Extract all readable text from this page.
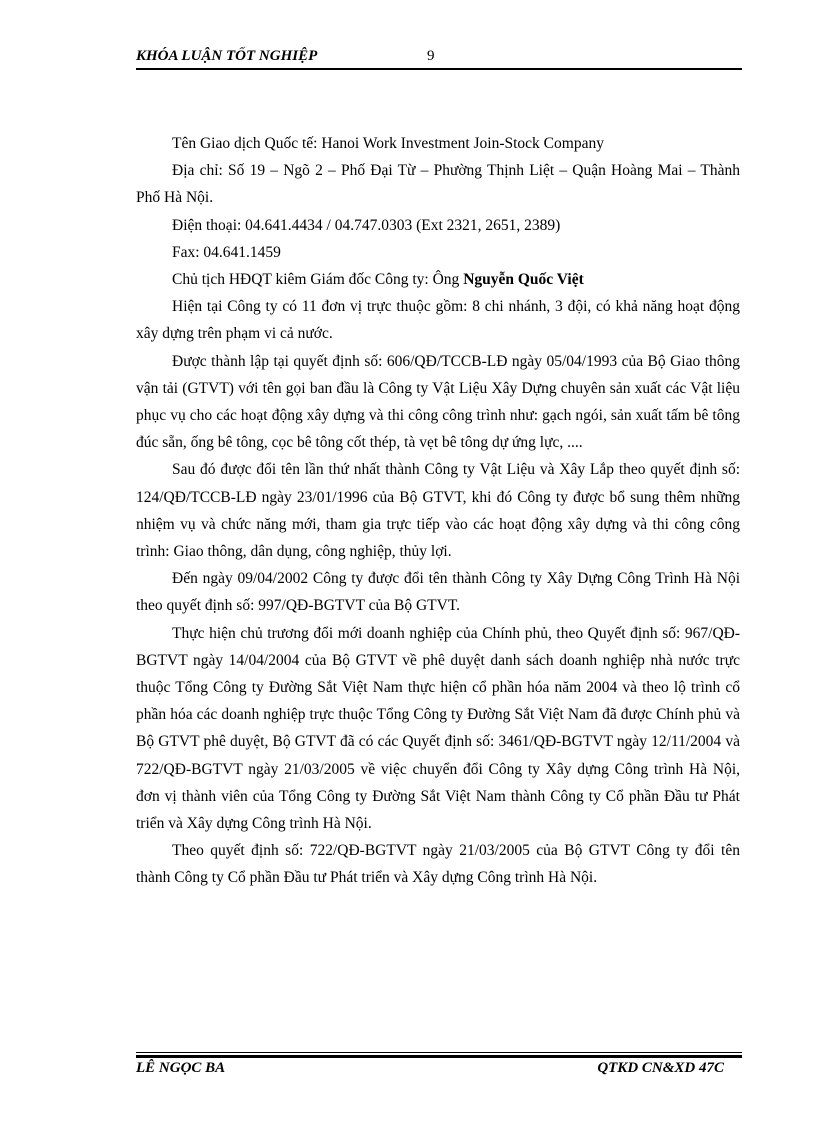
KHÓA LUẬN TỐT NGHIỆP	9

Tên Giao dịch Quốc tế: Hanoi Work Investment Join-Stock Company

Địa chỉ: Số 19 – Ngõ 2 – Phố Đại Từ – Phường Thịnh Liệt – Quận Hoàng Mai – Thành Phố Hà Nội.

Điện thoại: 04.641.4434 / 04.747.0303 (Ext 2321, 2651, 2389)

Fax: 04.641.1459

Chủ tịch HĐQT kiêm Giám đốc Công ty: Ông Nguyễn Quốc Việt

Hiện tại Công ty có 11 đơn vị trực thuộc gồm: 8 chi nhánh, 3 đội, có khả năng hoạt động xây dựng trên phạm vi cả nước.

Được thành lập tại quyết định số: 606/QĐ/TCCB-LĐ ngày 05/04/1993 của Bộ Giao thông vận tải (GTVT) với tên gọi ban đầu là Công ty Vật Liệu Xây Dựng chuyên sản xuất các Vật liệu phục vụ cho các hoạt động xây dựng và thi công công trình như: gạch ngói, sản xuất tấm bê tông đúc sẵn, ống bê tông, cọc bê tông cốt thép, tà vẹt bê tông dự ứng lực, ....

Sau đó được đổi tên lần thứ nhất thành Công ty Vật Liệu và Xây Lắp theo quyết định số: 124/QĐ/TCCB-LĐ ngày 23/01/1996 của Bộ GTVT, khi đó Công ty được bổ sung thêm những nhiệm vụ và chức năng mới, tham gia trực tiếp vào các hoạt động xây dựng và thi công công trình: Giao thông, dân dụng, công nghiệp, thủy lợi.

Đến ngày 09/04/2002 Công ty được đổi tên thành Công ty Xây Dựng Công Trình Hà Nội theo quyết định số: 997/QĐ-BGTVT của Bộ GTVT.

Thực hiện chủ trương đổi mới doanh nghiệp của Chính phủ, theo Quyết định số: 967/QĐ-BGTVT ngày 14/04/2004 của Bộ GTVT về phê duyệt danh sách doanh nghiệp nhà nước trực thuộc Tổng Công ty Đường Sắt Việt Nam thực hiện cổ phần hóa năm 2004 và theo lộ trình cổ phần hóa các doanh nghiệp trực thuộc Tổng Công ty Đường Sắt Việt Nam đã được Chính phủ và Bộ GTVT phê duyệt, Bộ GTVT đã có các Quyết định số: 3461/QĐ-BGTVT ngày 12/11/2004 và 722/QĐ-BGTVT ngày 21/03/2005 về việc chuyển đổi Công ty Xây dựng Công trình Hà Nội, đơn vị thành viên của Tổng Công ty Đường Sắt Việt Nam thành Công ty Cổ phần Đầu tư Phát triển và Xây dựng Công trình Hà Nội.

Theo quyết định số: 722/QĐ-BGTVT ngày 21/03/2005 của Bộ GTVT Công ty đổi tên thành Công ty Cổ phần Đầu tư Phát triển và Xây dựng Công trình Hà Nội.

LÊ NGỌC BA	QTKD CN&XD 47C
